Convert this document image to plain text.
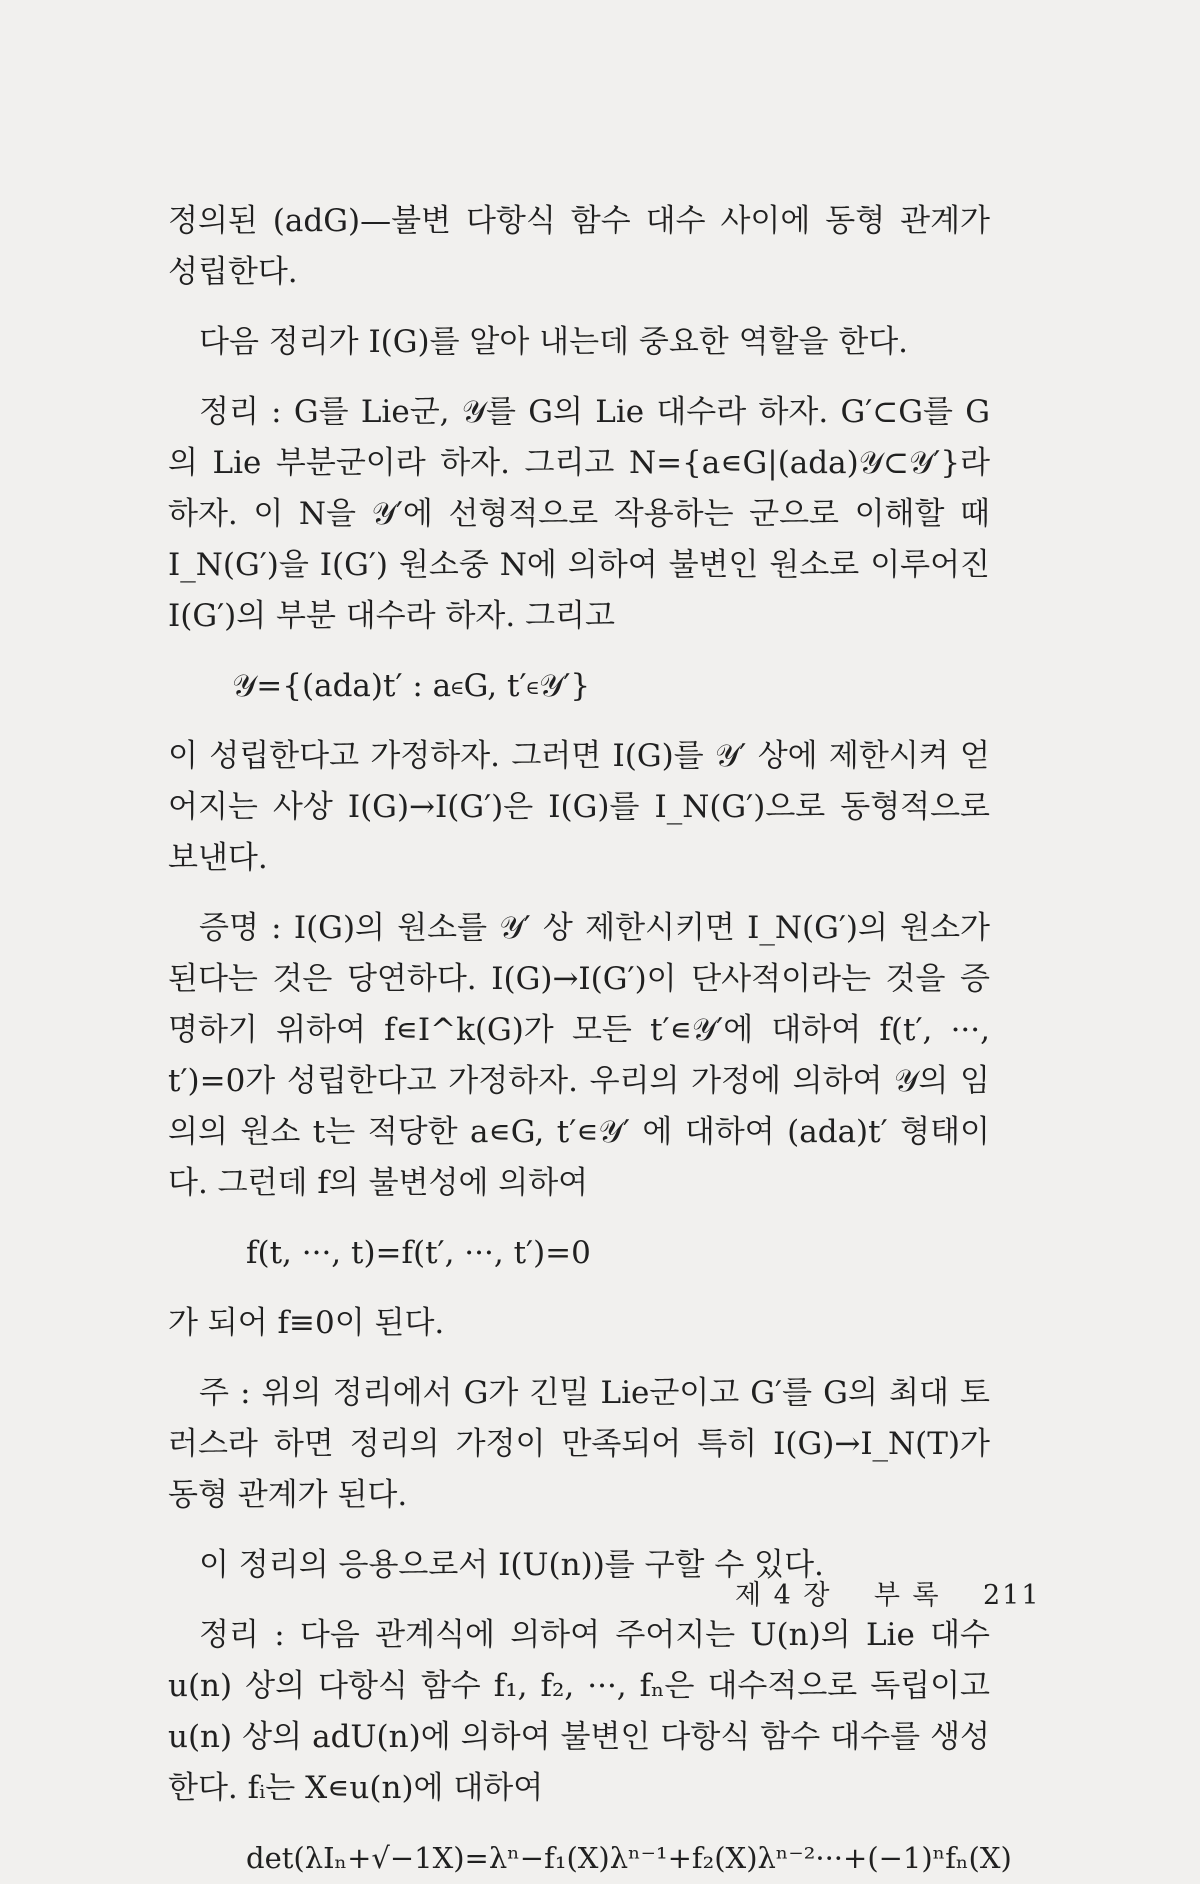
정의된 (adG)—불변 다항식 함수 대수 사이에 동형 관계가 성립한다.

다음 정리가 I(G)를 알아 내는데 중요한 역할을 한다.

정리 : G를 Lie군, 𝒴를 G의 Lie 대수라 하자. G′⊂G를 G의 Lie 부분군이라 하자. 그리고 N={a∊G|(ada)𝒴⊂𝒴′}라 하자. 이 N을 𝒴′에 선형적으로 작용하는 군으로 이해할 때 I_N(G′)을 I(G′) 원소중 N에 의하여 불변인 원소로 이루어진 I(G′)의 부분 대수라 하자. 그리고

𝒴={(ada)t′ : a∊G, t′∊𝒴′}

이 성립한다고 가정하자. 그러면 I(G)를 𝒴′ 상에 제한시켜 얻어지는 사상 I(G)→I(G′)은 I(G)를 I_N(G′)으로 동형적으로 보낸다.

증명 : I(G)의 원소를 𝒴′ 상 제한시키면 I_N(G′)의 원소가 된다는 것은 당연하다. I(G)→I(G′)이 단사적이라는 것을 증명하기 위하여 f∊I^k(G)가 모든 t′∊𝒴′에 대하여 f(t′, ···, t′)=0가 성립한다고 가정하자. 우리의 가정에 의하여 𝒴의 임의의 원소 t는 적당한 a∊G, t′∊𝒴′ 에 대하여 (ada)t′ 형태이다. 그런데 f의 불변성에 의하여

f(t, ···, t)=f(t′, ···, t′)=0

가 되어 f≡0이 된다.

주 : 위의 정리에서 G가 긴밀 Lie군이고 G′를 G의 최대 토러스라 하면 정리의 가정이 만족되어 특히 I(G)→I_N(T)가 동형 관계가 된다.

이 정리의 응용으로서 I(U(n))를 구할 수 있다.

정리 : 다음 관계식에 의하여 주어지는 U(n)의 Lie 대수 u(n) 상의 다항식 함수 f₁, f₂, ···, fₙ은 대수적으로 독립이고 u(n) 상의 adU(n)에 의하여 불변인 다항식 함수 대수를 생성한다. fᵢ는 X∊u(n)에 대하여

det(λIₙ+√−1X)=λⁿ−f₁(X)λⁿ⁻¹+f₂(X)λⁿ⁻²···+(−1)ⁿfₙ(X)
제 4 장 부 록 211
